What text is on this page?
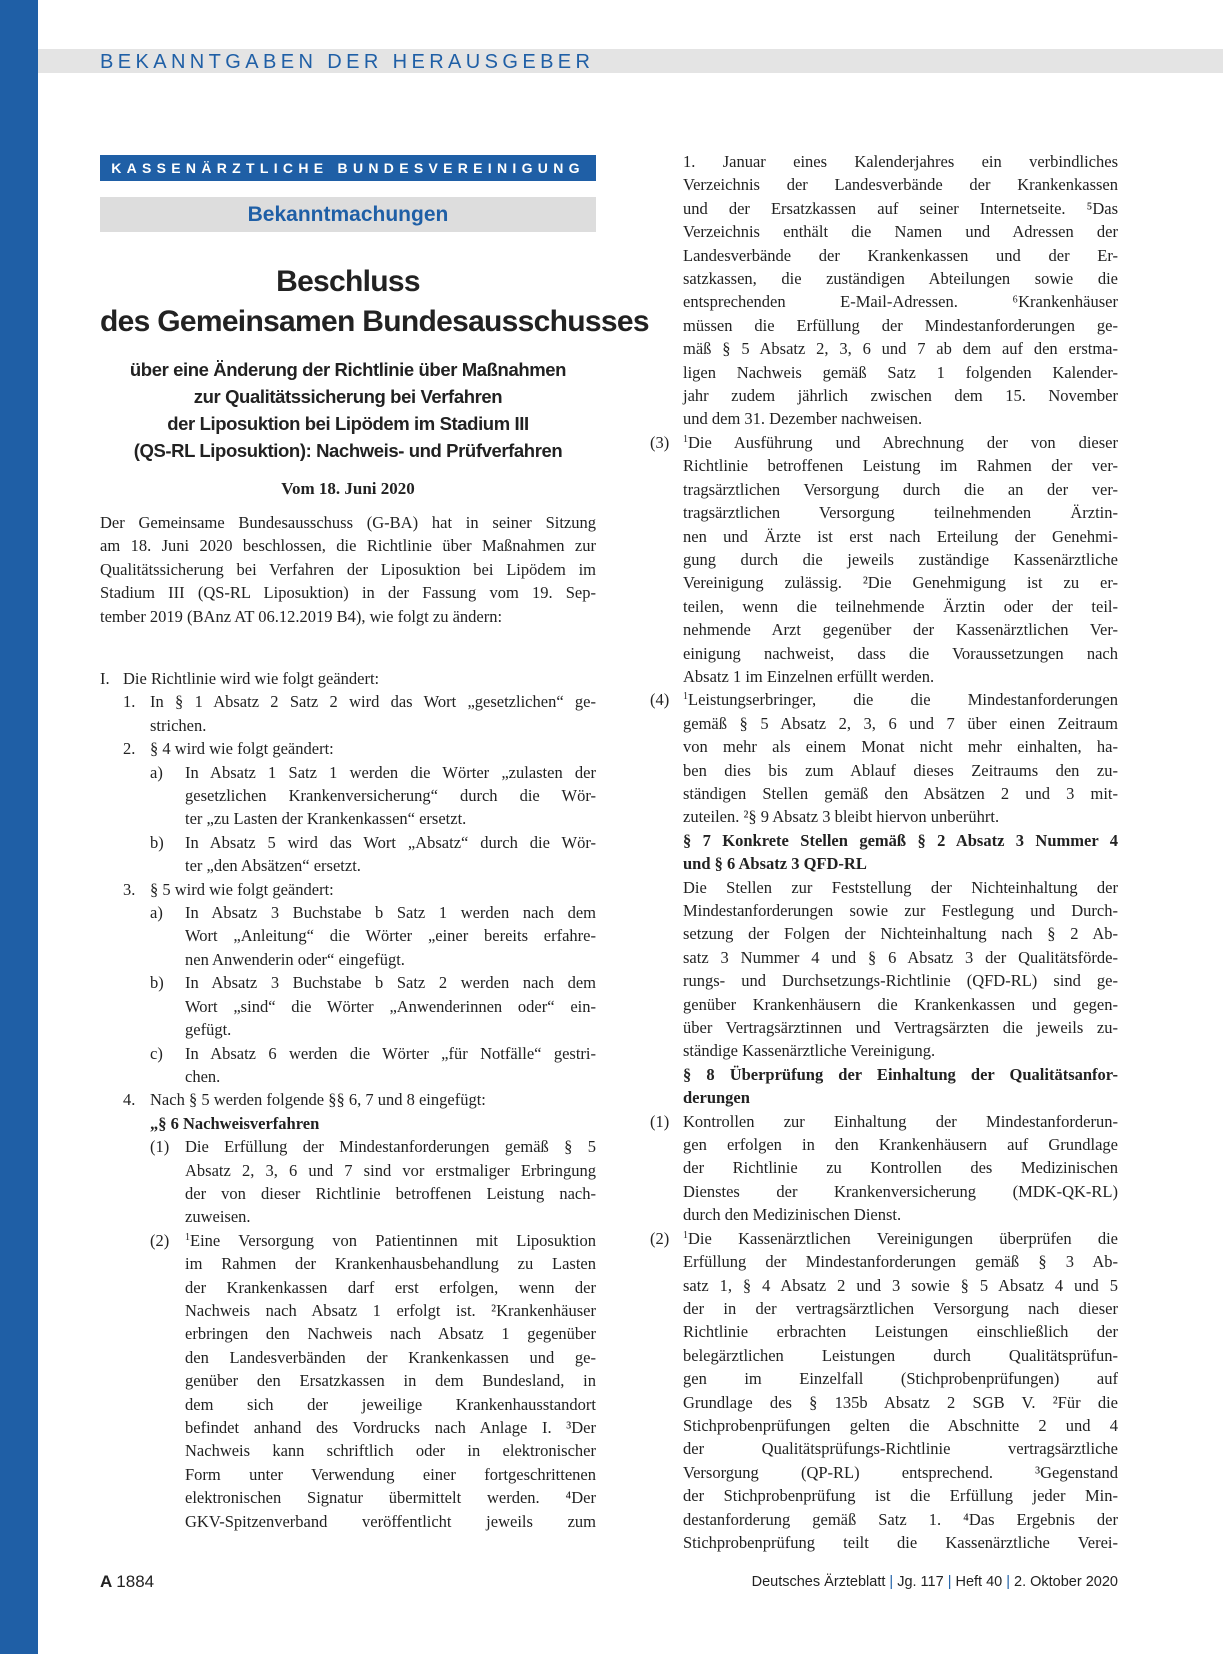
BEKANNTGABEN DER HERAUSGEBER
KASSENÄRZTLICHE BUNDESVEREINIGUNG
Bekanntmachungen
Beschluss
des Gemeinsamen Bundesausschusses
über eine Änderung der Richtlinie über Maßnahmen
zur Qualitätssicherung bei Verfahren
der Liposuktion bei Lipödem im Stadium III
(QS-RL Liposuktion): Nachweis- und Prüfverfahren
Vom 18. Juni 2020
Der Gemeinsame Bundesausschuss (G-BA) hat in seiner Sitzung
am 18. Juni 2020 beschlossen, die Richtlinie über Maßnahmen zur
Qualitätssicherung bei Verfahren der Liposuktion bei Lipödem im
Stadium III (QS-RL Liposuktion) in der Fassung vom 19. Sep-
tember 2019 (BAnz AT 06.12.2019 B4), wie folgt zu ändern:
I. Die Richtlinie wird wie folgt geändert:
1. In § 1 Absatz 2 Satz 2 wird das Wort „gesetzlichen“ ge-
strichen.
2. § 4 wird wie folgt geändert:
a) In Absatz 1 Satz 1 werden die Wörter „zulasten der
gesetzlichen Krankenversicherung“ durch die Wör-
ter „zu Lasten der Krankenkassen“ ersetzt.
b) In Absatz 5 wird das Wort „Absatz“ durch die Wör-
ter „den Absätzen“ ersetzt.
3. § 5 wird wie folgt geändert:
a) In Absatz 3 Buchstabe b Satz 1 werden nach dem
Wort „Anleitung“ die Wörter „einer bereits erfahre-
nen Anwenderin oder“ eingefügt.
b) In Absatz 3 Buchstabe b Satz 2 werden nach dem
Wort „sind“ die Wörter „Anwenderinnen oder“ ein-
gefügt.
c) In Absatz 6 werden die Wörter „für Notfälle“ gestri-
chen.
4. Nach § 5 werden folgende §§ 6, 7 und 8 eingefügt:
„§ 6 Nachweisverfahren
(1) Die Erfüllung der Mindestanforderungen gemäß § 5
Absatz 2, 3, 6 und 7 sind vor erstmaliger Erbringung
der von dieser Richtlinie betroffenen Leistung nach-
zuweisen.
(2) $^1$Eine Versorgung von Patientinnen mit Liposuktion
im Rahmen der Krankenhausbehandlung zu Lasten
der Krankenkassen darf erst erfolgen, wenn der
Nachweis nach Absatz 1 erfolgt ist. ²Krankenhäuser
erbringen den Nachweis nach Absatz 1 gegenüber
den Landesverbänden der Krankenkassen und ge-
genüber den Ersatzkassen in dem Bundesland, in
dem sich der jeweilige Krankenhausstandort
befindet anhand des Vordrucks nach Anlage I. ³Der
Nachweis kann schriftlich oder in elektronischer
Form unter Verwendung einer fortgeschrittenen
elektronischen Signatur übermittelt werden. ⁴Der
GKV-Spitzenverband veröffentlicht jeweils zum
1. Januar eines Kalenderjahres ein verbindliches
Verzeichnis der Landesverbände der Krankenkassen
und der Ersatzkassen auf seiner Internetseite. ⁵Das
Verzeichnis enthält die Namen und Adressen der
Landesverbände der Krankenkassen und der Er-
satzkassen, die zuständigen Abteilungen sowie die
entsprechenden E-Mail-Adressen. ⁶Krankenhäuser
müssen die Erfüllung der Mindestanforderungen ge-
mäß § 5 Absatz 2, 3, 6 und 7 ab dem auf den erstma-
ligen Nachweis gemäß Satz 1 folgenden Kalender-
jahr zudem jährlich zwischen dem 15. November
und dem 31. Dezember nachweisen.
(3) $^1$Die Ausführung und Abrechnung der von dieser
Richtlinie betroffenen Leistung im Rahmen der ver-
tragsärztlichen Versorgung durch die an der ver-
tragsärztlichen Versorgung teilnehmenden Ärztin-
nen und Ärzte ist erst nach Erteilung der Genehmi-
gung durch die jeweils zuständige Kassenärztliche
Vereinigung zulässig. ²Die Genehmigung ist zu er-
teilen, wenn die teilnehmende Ärztin oder der teil-
nehmende Arzt gegenüber der Kassenärztlichen Ver-
einigung nachweist, dass die Voraussetzungen nach
Absatz 1 im Einzelnen erfüllt werden.
(4) $^1$Leistungserbringer, die die Mindestanforderungen
gemäß § 5 Absatz 2, 3, 6 und 7 über einen Zeitraum
von mehr als einem Monat nicht mehr einhalten, ha-
ben dies bis zum Ablauf dieses Zeitraums den zu-
ständigen Stellen gemäß den Absätzen 2 und 3 mit-
zuteilen. ²§ 9 Absatz 3 bleibt hiervon unberührt.
§ 7 Konkrete Stellen gemäß § 2 Absatz 3 Nummer 4
und § 6 Absatz 3 QFD-RL
Die Stellen zur Feststellung der Nichteinhaltung der
Mindestanforderungen sowie zur Festlegung und Durch-
setzung der Folgen der Nichteinhaltung nach § 2 Ab-
satz 3 Nummer 4 und § 6 Absatz 3 der Qualitätsförde-
rungs- und Durchsetzungs-Richtlinie (QFD-RL) sind ge-
genüber Krankenhäusern die Krankenkassen und gegen-
über Vertragsärztinnen und Vertragsärzten die jeweils zu-
ständige Kassenärztliche Vereinigung.
§ 8 Überprüfung der Einhaltung der Qualitätsanfor-
derungen
(1) Kontrollen zur Einhaltung der Mindestanforderun-
gen erfolgen in den Krankenhäusern auf Grundlage
der Richtlinie zu Kontrollen des Medizinischen
Dienstes der Krankenversicherung (MDK-QK-RL)
durch den Medizinischen Dienst.
(2) $^1$Die Kassenärztlichen Vereinigungen überprüfen die
Erfüllung der Mindestanforderungen gemäß § 3 Ab-
satz 1, § 4 Absatz 2 und 3 sowie § 5 Absatz 4 und 5
der in der vertragsärztlichen Versorgung nach dieser
Richtlinie erbrachten Leistungen einschließlich der
belegärztlichen Leistungen durch Qualitätsprüfun-
gen im Einzelfall (Stichprobenprüfungen) auf
Grundlage des § 135b Absatz 2 SGB V. ²Für die
Stichprobenprüfungen gelten die Abschnitte 2 und 4
der Qualitätsprüfungs-Richtlinie vertragsärztliche
Versorgung (QP-RL) entsprechend. ³Gegenstand
der Stichprobenprüfung ist die Erfüllung jeder Min-
destanforderung gemäß Satz 1. ⁴Das Ergebnis der
Stichprobenprüfung teilt die Kassenärztliche Verei-
A 1884	Deutsches Ärzteblatt | Jg. 117 | Heft 40 | 2. Oktober 2020
